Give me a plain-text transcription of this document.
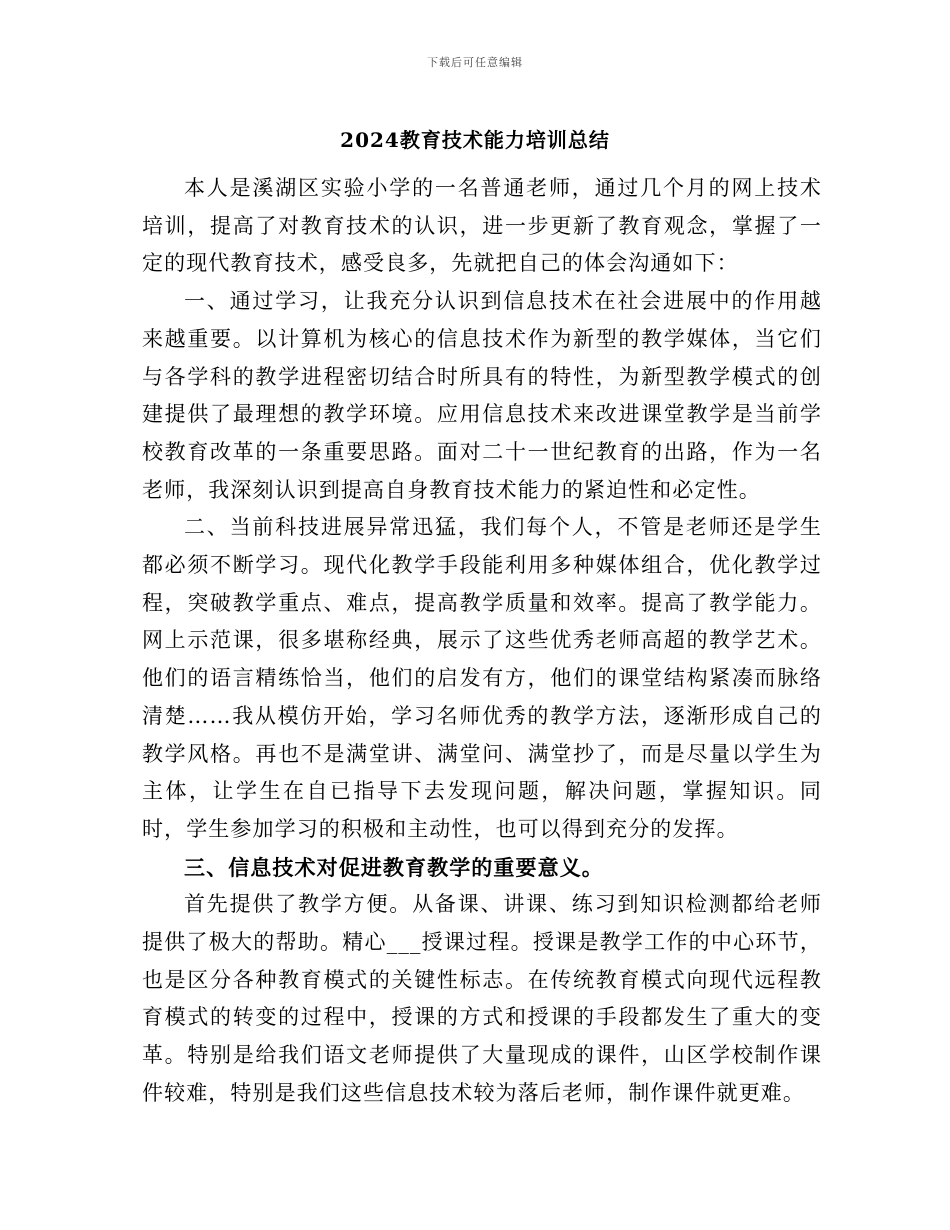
下载后可任意编辑
2024教育技术能力培训总结

本人是溪湖区实验小学的一名普通老师，通过几个月的网上技术培训，提高了对教育技术的认识，进一步更新了教育观念，掌握了一定的现代教育技术，感受良多，先就把自己的体会沟通如下：

一、通过学习，让我充分认识到信息技术在社会进展中的作用越来越重要。以计算机为核心的信息技术作为新型的教学媒体，当它们与各学科的教学进程密切结合时所具有的特性，为新型教学模式的创建提供了最理想的教学环境。应用信息技术来改进课堂教学是当前学校教育改革的一条重要思路。面对二十一世纪教育的出路，作为一名老师，我深刻认识到提高自身教育技术能力的紧迫性和必定性。

二、当前科技进展异常迅猛，我们每个人，不管是老师还是学生都必须不断学习。现代化教学手段能利用多种媒体组合，优化教学过程，突破教学重点、难点，提高教学质量和效率。提高了教学能力。网上示范课，很多堪称经典，展示了这些优秀老师高超的教学艺术。他们的语言精练恰当，他们的启发有方，他们的课堂结构紧凑而脉络清楚……我从模仿开始，学习名师优秀的教学方法，逐渐形成自己的教学风格。再也不是满堂讲、满堂问、满堂抄了，而是尽量以学生为主体，让学生在自已指导下去发现问题，解决问题，掌握知识。同时，学生参加学习的积极和主动性，也可以得到充分的发挥。

三、信息技术对促进教育教学的重要意义。

首先提供了教学方便。从备课、讲课、练习到知识检测都给老师提供了极大的帮助。精心___授课过程。授课是教学工作的中心环节，也是区分各种教育模式的关键性标志。在传统教育模式向现代远程教育模式的转变的过程中，授课的方式和授课的手段都发生了重大的变革。特别是给我们语文老师提供了大量现成的课件，山区学校制作课件较难，特别是我们这些信息技术较为落后老师，制作课件就更难。
